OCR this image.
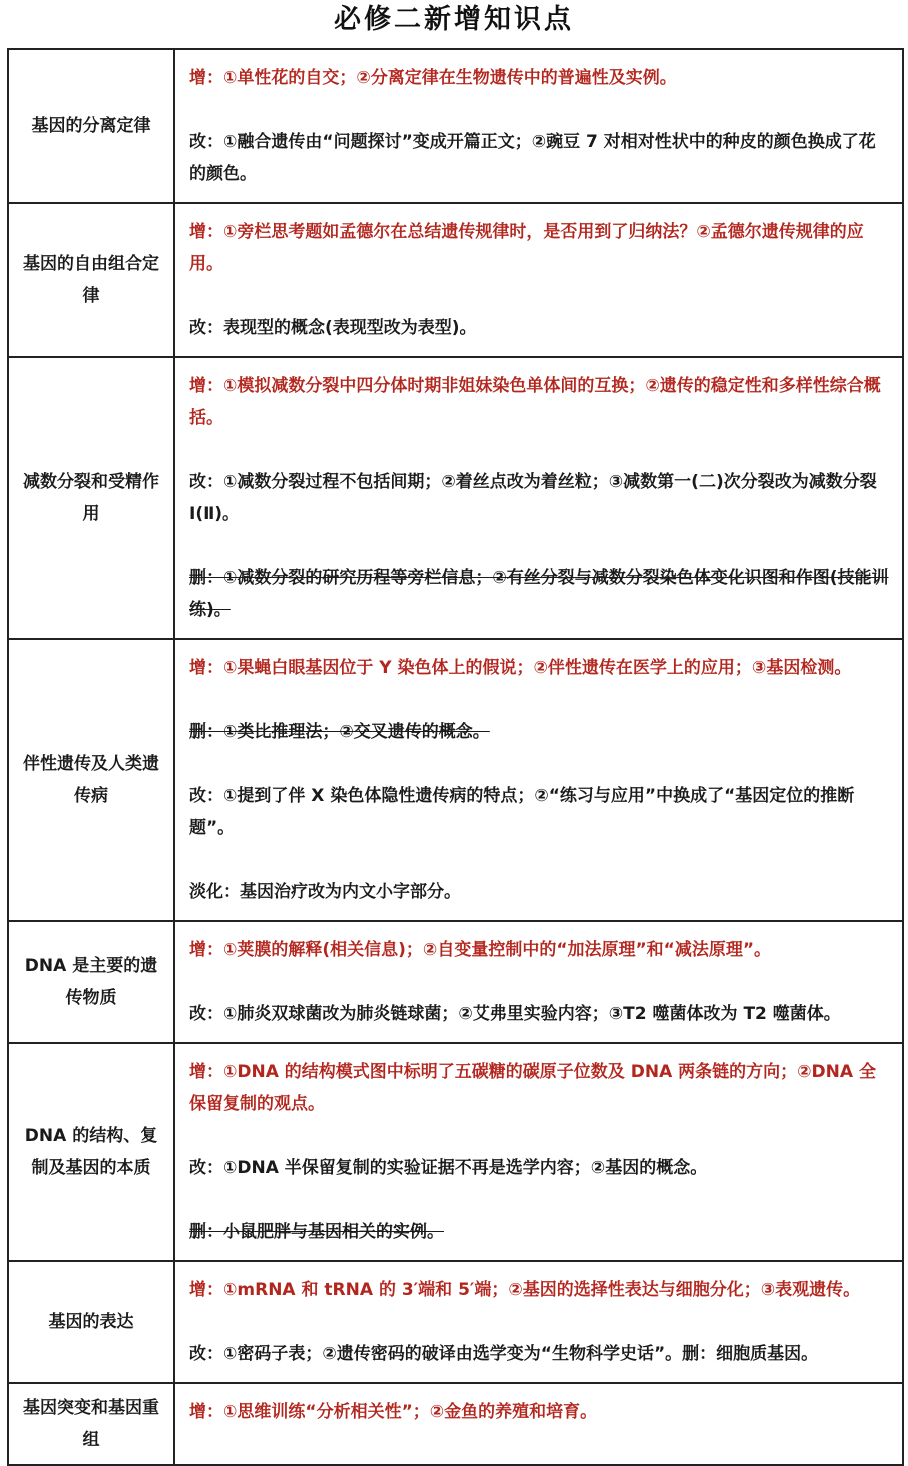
必修二新增知识点
基因的分离定律	增：①单性花的自交；②分离定律在生物遗传中的普遍性及实例。
改：①融合遗传由“问题探讨”变成开篇正文；②豌豆 7 对相对性状中的种皮的颜色换成了花的颜色。

基因的自由组合定律	增：①旁栏思考题如孟德尔在总结遗传规律时，是否用到了归纳法？②孟德尔遗传规律的应用。
改：表现型的概念(表现型改为表型)。

减数分裂和受精作用	增：①模拟减数分裂中四分体时期非姐妹染色单体间的互换；②遗传的稳定性和多样性综合概括。
改：①减数分裂过程不包括间期；②着丝点改为着丝粒；③减数第一(二)次分裂改为减数分裂Ⅰ(Ⅱ)。
删：①减数分裂的研究历程等旁栏信息；②有丝分裂与减数分裂染色体变化识图和作图(技能训练)。

伴性遗传及人类遗传病	增：①果蝇白眼基因位于 Y 染色体上的假说；②伴性遗传在医学上的应用；③基因检测。
删：①类比推理法；②交叉遗传的概念。
改：①提到了伴 X 染色体隐性遗传病的特点；②“练习与应用”中换成了“基因定位的推断题”。
淡化：基因治疗改为内文小字部分。

DNA 是主要的遗传物质	增：①荚膜的解释(相关信息)；②自变量控制中的“加法原理”和“减法原理”。
改：①肺炎双球菌改为肺炎链球菌；②艾弗里实验内容；③T2 噬菌体改为 T2 噬菌体。

DNA 的结构、复制及基因的本质	增：①DNA 的结构模式图中标明了五碳糖的碳原子位数及 DNA 两条链的方向；②DNA 全保留复制的观点。
改：①DNA 半保留复制的实验证据不再是选学内容；②基因的概念。
删：小鼠肥胖与基因相关的实例。

基因的表达	增：①mRNA 和 tRNA 的 3′端和 5′端；②基因的选择性表达与细胞分化；③表观遗传。
改：①密码子表；②遗传密码的破译由选学变为“生物科学史话”。删：细胞质基因。

基因突变和基因重组	增：①思维训练“分析相关性”；②金鱼的养殖和培育。
